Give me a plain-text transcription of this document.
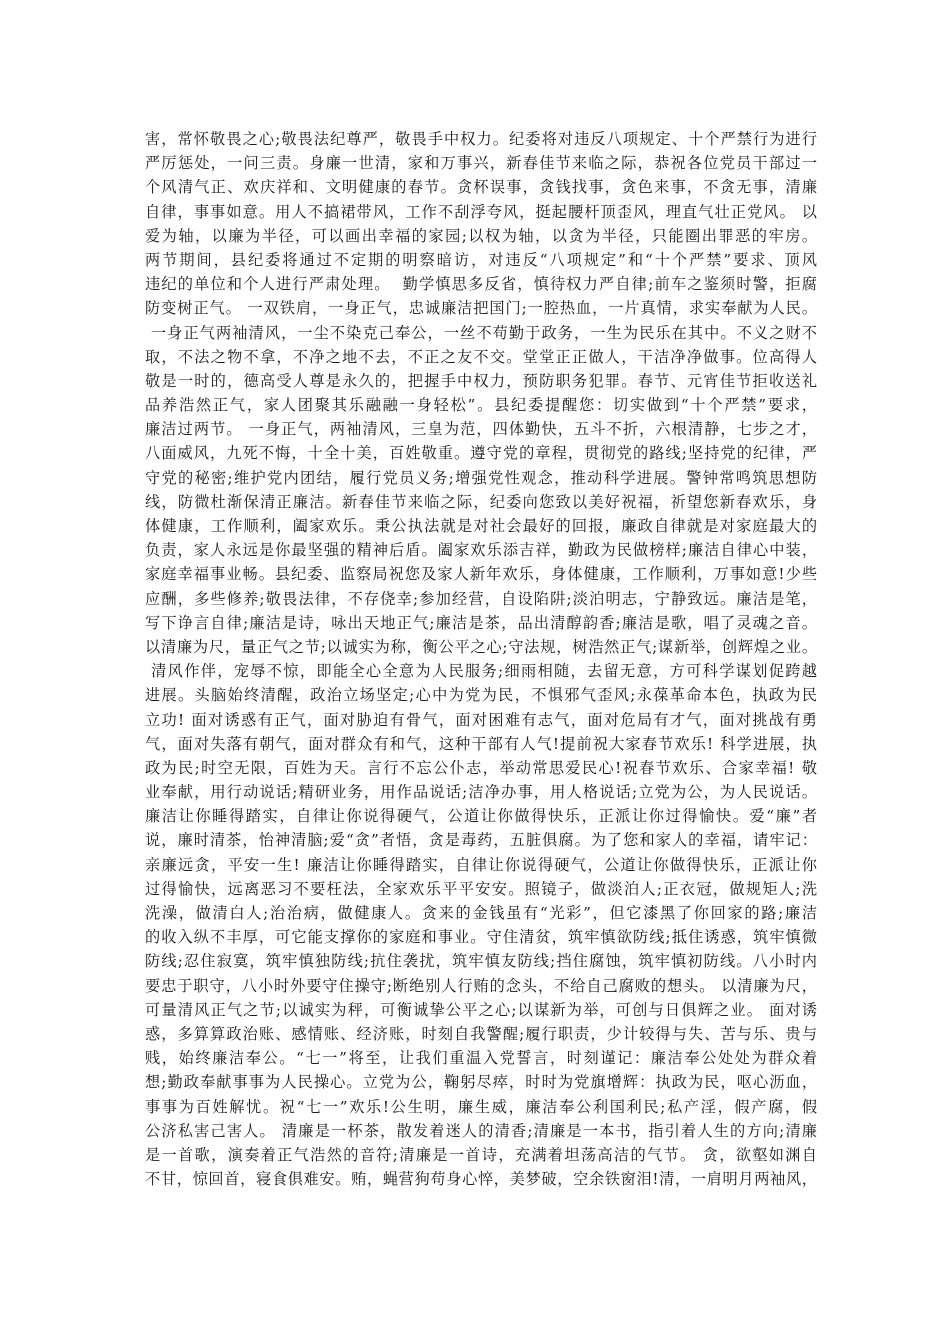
害，常怀敬畏之心;敬畏法纪尊严，敬畏手中权力。纪委将对违反八项规定、十个严禁行为进行
严厉惩处，一问三责。身廉一世清，家和万事兴，新春佳节来临之际，恭祝各位党员干部过一
个风清气正、欢庆祥和、文明健康的春节。贪杯误事，贪钱找事，贪色来事，不贪无事，清廉
自律，事事如意。用人不搞裙带风，工作不刮浮夸风，挺起腰杆顶歪风，理直气壮正党风。 以
爱为轴，以廉为半径，可以画出幸福的家园;以权为轴，以贪为半径，只能圈出罪恶的牢房。
两节期间，县纪委将通过不定期的明察暗访，对违反“八项规定”和“十个严禁”要求、顶风
违纪的单位和个人进行严肃处理。  勤学慎思多反省，慎待权力严自律;前车之鉴须时警，拒腐
防变树正气。 一双铁肩，一身正气，忠诚廉洁把国门;一腔热血，一片真情，求实奉献为人民。
一身正气两袖清风，一尘不染克己奉公，一丝不苟勤于政务，一生为民乐在其中。不义之财不
取，不法之物不拿，不净之地不去，不正之友不交。堂堂正正做人，干洁净净做事。位高得人
敬是一时的，德高受人尊是永久的，把握手中权力，预防职务犯罪。春节、元宵佳节拒收送礼
品养浩然正气，家人团聚其乐融融一身轻松”。县纪委提醒您：切实做到“十个严禁”要求，
廉洁过两节。 一身正气，两袖清风，三皇为范，四体勤快，五斗不折，六根清静，七步之才，
八面威风，九死不悔，十全十美，百姓敬重。遵守党的章程，贯彻党的路线;坚持党的纪律，严
守党的秘密;维护党内团结，履行党员义务;增强党性观念，推动科学进展。警钟常鸣筑思想防
线，防微杜渐保清正廉洁。新春佳节来临之际，纪委向您致以美好祝福，祈望您新春欢乐，身
体健康，工作顺利，阖家欢乐。秉公执法就是对社会最好的回报，廉政自律就是对家庭最大的
负责，家人永远是你最坚强的精神后盾。阖家欢乐添吉祥，勤政为民做榜样;廉洁自律心中装，
家庭幸福事业畅。县纪委、监察局祝您及家人新年欢乐，身体健康，工作顺利，万事如意!少些
应酬，多些修养;敬畏法律，不存侥幸;参加经营，自设陷阱;淡泊明志，宁静致远。廉洁是笔，
写下诤言自律;廉洁是诗，咏出天地正气;廉洁是茶，品出清醇韵香;廉洁是歌，唱了灵魂之音。
以清廉为尺，量正气之节;以诚实为称，衡公平之心;守法规，树浩然正气;谋新举，创辉煌之业。
清风作伴，宠辱不惊，即能全心全意为人民服务;细雨相随，去留无意，方可科学谋划促跨越
进展。头脑始终清醒，政治立场坚定;心中为党为民，不惧邪气歪风;永葆革命本色，执政为民
立功! 面对诱惑有正气，面对胁迫有骨气，面对困难有志气，面对危局有才气，面对挑战有勇
气，面对失落有朝气，面对群众有和气，这种干部有人气!提前祝大家春节欢乐! 科学进展，执
政为民;时空无限，百姓为天。言行不忘公仆志，举动常思爱民心!祝春节欢乐、合家幸福! 敬
业奉献，用行动说话;精研业务，用作品说话;洁净办事，用人格说话;立党为公，为人民说话。
廉洁让你睡得踏实，自律让你说得硬气，公道让你做得快乐，正派让你过得愉快。爱“廉”者
说，廉时清茶，怡神清脑;爱“贪”者悟，贪是毒药，五脏俱腐。为了您和家人的幸福，请牢记：
亲廉远贪，平安一生! 廉洁让你睡得踏实，自律让你说得硬气，公道让你做得快乐，正派让你
过得愉快，远离恶习不要枉法，全家欢乐平平安安。照镜子，做淡泊人;正衣冠，做规矩人;洗
洗澡，做清白人;治治病，做健康人。贪来的金钱虽有“光彩”，但它漆黑了你回家的路;廉洁
的收入纵不丰厚，可它能支撑你的家庭和事业。守住清贫，筑牢慎欲防线;抵住诱惑，筑牢慎微
防线;忍住寂寞，筑牢慎独防线;抗住袭扰，筑牢慎友防线;挡住腐蚀，筑牢慎初防线。八小时内
要忠于职守，八小时外要守住操守;断绝别人行贿的念头，不给自己腐败的想头。 以清廉为尺，
可量清风正气之节;以诚实为秤，可衡诚挚公平之心;以谋新为举，可创与日俱辉之业。 面对诱
惑，多算算政治账、感情账、经济账，时刻自我警醒;履行职责，少计较得与失、苦与乐、贵与
贱，始终廉洁奉公。“七一”将至，让我们重温入党誓言，时刻谨记：廉洁奉公处处为群众着
想;勤政奉献事事为人民操心。立党为公，鞠躬尽瘁，时时为党旗增辉：执政为民，呕心沥血，
事事为百姓解忧。祝“七一”欢乐!公生明，廉生威，廉洁奉公利国利民;私产淫，假产腐，假
公济私害己害人。 清廉是一杯茶，散发着迷人的清香;清廉是一本书，指引着人生的方向;清廉
是一首歌，演奏着正气浩然的音符;清廉是一首诗，充满着坦荡高洁的气节。 贪，欲壑如渊自
不甘，惊回首，寝食俱难安。贿，蝇营狗苟身心悴，美梦破，空余铁窗泪!清，一肩明月两袖风，
